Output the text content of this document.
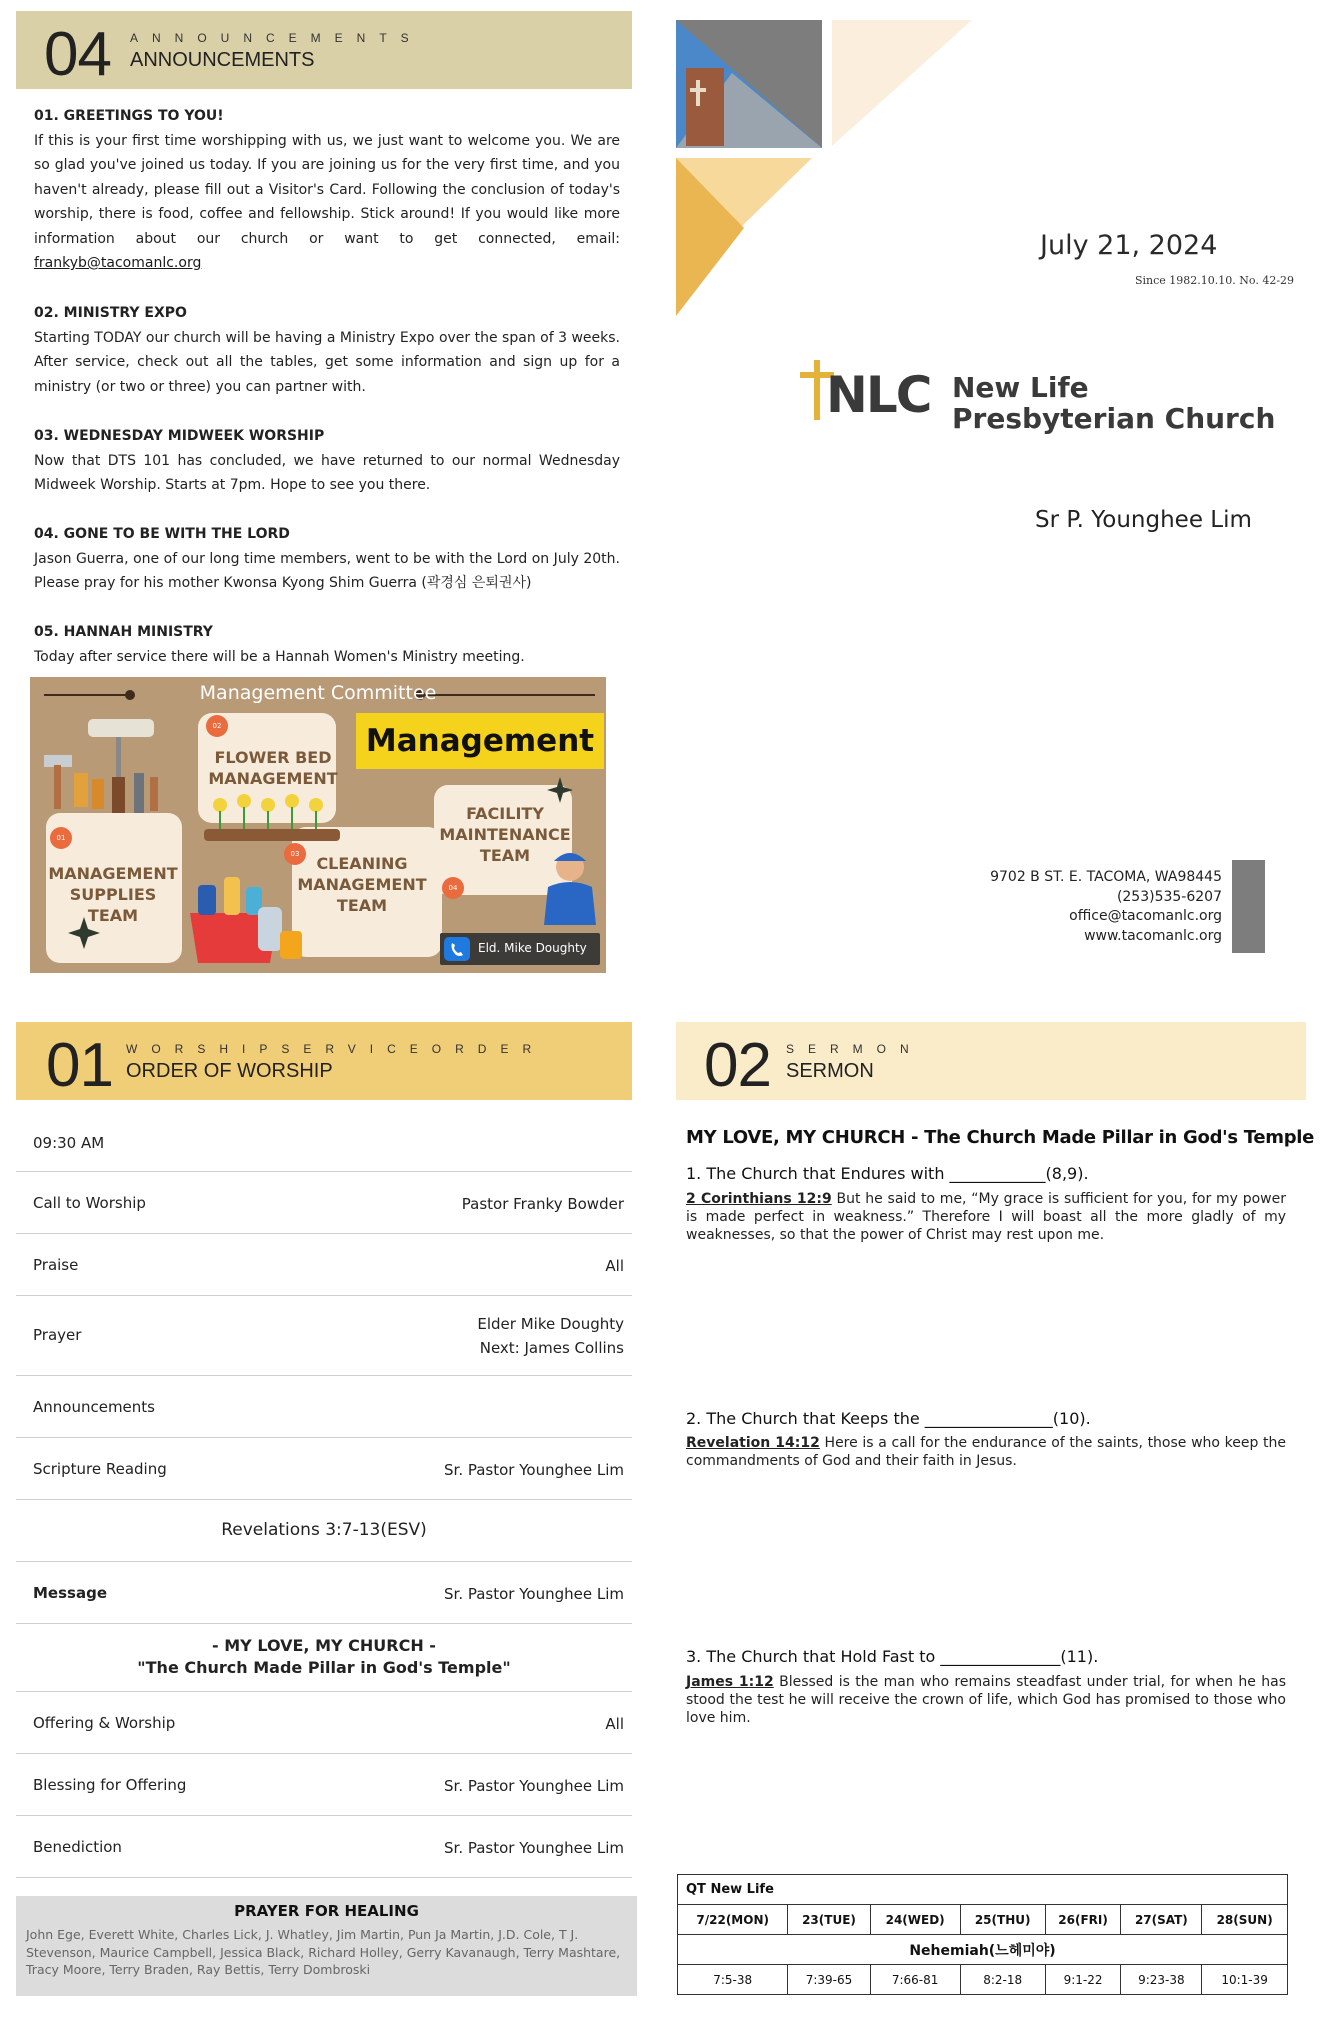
04 ANNOUNCEMENTS
ANNOUNCEMENTS
01. GREETINGS TO YOU!
If this is your first time worshipping with us, we just want to welcome you. We are so glad you've joined us today. If you are joining us for the very first time, and you haven't already, please fill out a Visitor's Card. Following the conclusion of today's worship, there is food, coffee and fellowship. Stick around! If you would like more information about our church or want to get connected, email: frankyb@tacomanlc.org
02. MINISTRY EXPO
Starting TODAY our church will be having a Ministry Expo over the span of 3 weeks. After service, check out all the tables, get some information and sign up for a ministry (or two or three) you can partner with.
03. WEDNESDAY MIDWEEK WORSHIP
Now that DTS 101 has concluded, we have returned to our normal Wednesday Midweek Worship. Starts at 7pm. Hope to see you there.
04. GONE TO BE WITH THE LORD
Jason Guerra, one of our long time members, went to be with the Lord on July 20th. Please pray for his mother Kwonsa Kyong Shim Guerra (곽경심 은퇴권사)
05. HANNAH MINISTRY
Today after service there will be a Hannah Women's Ministry meeting.
Management Committee
Management
01
02
03
04
MANAGEMENT SUPPLIES TEAM
FLOWER BED MANAGEMENT
CLEANING MANAGEMENT TEAM
FACILITY MAINTENANCE TEAM
Eld. Mike Doughty
July 21, 2024
Since 1982.10.10. No. 42-29
NLC New Life
Presbyterian Church
Sr P. Younghee Lim
9702 B ST. E. TACOMA, WA98445
(253)535-6207
office@tacomanlc.org
www.tacomanlc.org
01 WORSHIPSERVICEORDER
ORDER OF WORSHIP
09:30 AM
Call to Worship	Pastor Franky Bowder
Praise	All
Prayer
Elder Mike Doughty
Next: James Collins
Announcements
Scripture Reading	Sr. Pastor Younghee Lim
Revelations 3:7-13(ESV)
Message	Sr. Pastor Younghee Lim
- MY LOVE, MY CHURCH -
"The Church Made Pillar in God's Temple"
Offering & Worship	All
Blessing for Offering	Sr. Pastor Younghee Lim
Benediction	Sr. Pastor Younghee Lim
PRAYER FOR HEALING
John Ege, Everett White, Charles Lick, J. Whatley, Jim Martin, Pun Ja Martin, J.D. Cole, T J. Stevenson, Maurice Campbell, Jessica Black, Richard Holley, Gerry Kavanaugh, Terry Mashtare, Tracy Moore, Terry Braden, Ray Bettis, Terry Dombroski
02 SERMON
SERMON
MY LOVE, MY CHURCH - The Church Made Pillar in God's Temple
1. The Church that Endures with ____________(8,9).
2 Corinthians 12:9 But he said to me, “My grace is sufficient for you, for my power is made perfect in weakness.” Therefore I will boast all the more gladly of my weaknesses, so that the power of Christ may rest upon me.
2. The Church that Keeps the ________________(10).
Revelation 14:12 Here is a call for the endurance of the saints, those who keep the commandments of God and their faith in Jesus.
3. The Church that Hold Fast to _______________(11).
James 1:12 Blessed is the man who remains steadfast under trial, for when he has stood the test he will receive the crown of life, which God has promised to those who love him.
QT New Life						
7/22(MON)	23(TUE)	24(WED)	25(THU)	26(FRI)	27(SAT)	28(SUN)
Nehemiah(느헤미야)						
7:5-38	7:39-65	7:66-81	8:2-18	9:1-22	9:23-38	10:1-39
